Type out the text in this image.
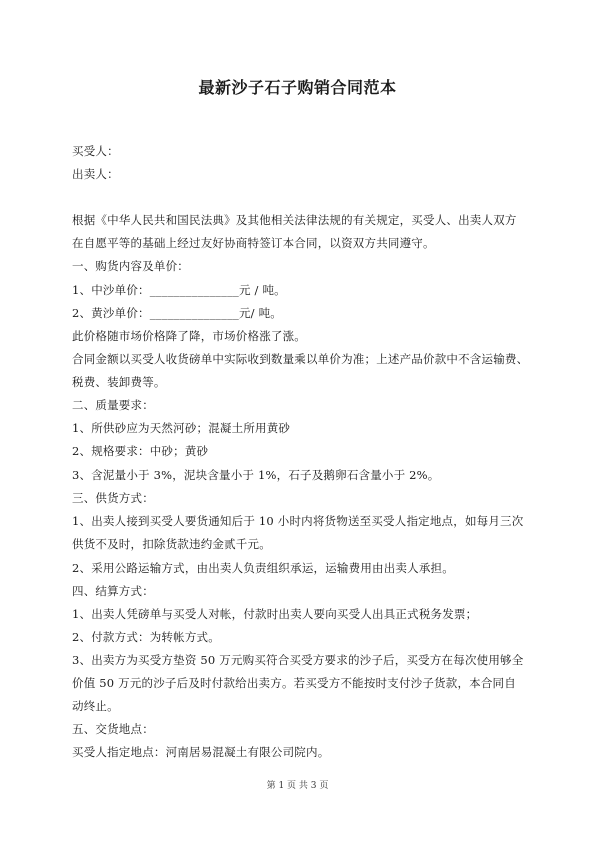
最新沙子石子购销合同范本
买受人：
出卖人：
根据《中华人民共和国民法典》及其他相关法律法规的有关规定，买受人、出卖人双方
在自愿平等的基础上经过友好协商特签订本合同，以资双方共同遵守。
一、购货内容及单价：
1、中沙单价：_______________元 / 吨。
2、黄沙单价：_______________元/ 吨。
此价格随市场价格降了降，市场价格涨了涨。
合同金额以买受人收货磅单中实际收到数量乘以单价为准；上述产品价款中不含运输费、
税费、装卸费等。
二、质量要求：
1、所供砂应为天然河砂；混凝土所用黄砂
2、规格要求：中砂；黄砂
3、含泥量小于 3%，泥块含量小于 1%，石子及鹅卵石含量小于 2%。
三、供货方式：
1、出卖人接到买受人要货通知后于 10 小时内将货物送至买受人指定地点，如每月三次
供货不及时，扣除货款违约金贰千元。
2、采用公路运输方式，由出卖人负责组织承运，运输费用由出卖人承担。
四、结算方式：
1、出卖人凭磅单与买受人对帐，付款时出卖人要向买受人出具正式税务发票；
2、付款方式：为转帐方式。
3、出卖方为买受方垫资 50 万元购买符合买受方要求的沙子后，买受方在每次使用够全
价值 50 万元的沙子后及时付款给出卖方。若买受方不能按时支付沙子货款，本合同自
动终止。
五、交货地点：
买受人指定地点：河南居易混凝土有限公司院内。
第 1 页 共 3 页
